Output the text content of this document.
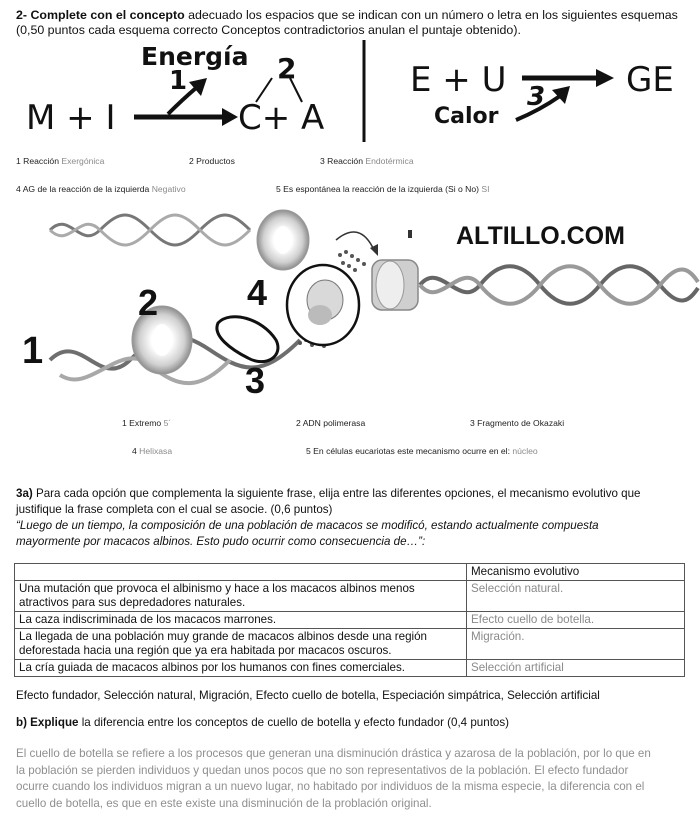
2- Complete con el concepto adecuado los espacios que se indican con un número o letra en los siguientes esquemas
(0,50 puntos cada esquema correcto Conceptos contradictorios anulan el puntaje obtenido).
Energía
1	2
M + I	C+ A
E + U	GE
Calor
3
1 Reacción Exergónica	2 Productos	3 Reacción Endotérmica
4 AG de la reacción de la izquierda Negativo	5 Es espontánea la reacción de la izquierda (Si o No) SI
ALTILLO.COM
1
2
3
4
1 Extremo 5´	2 ADN polimerasa	3 Fragmento de Okazaki
4 Helixasa	5 En células eucariotas este mecanismo ocurre en el: núcleo
3a) Para cada opción que complementa la siguiente frase, elija entre las diferentes opciones, el mecanismo evolutivo que
justifique la frase completa con el cual se asocie. (0,6 puntos)
“Luego de un tiempo, la composición de una población de macacos se modificó, estando actualmente compuesta
mayormente por macacos albinos. Esto pudo ocurrir como consecuencia de…”:
	Mecanismo evolutivo
Una mutación que provoca el albinismo y hace a los macacos albinos menos atractivos para sus depredadores naturales.	Selección natural.
La caza indiscriminada de los macacos marrones.	Efecto cuello de botella.
La llegada de una población muy grande de macacos albinos desde una región deforestada hacia una región que ya era habitada por macacos oscuros.	Migración.
La cría guiada de macacos albinos por los humanos con fines comerciales.	Selección artificial
Efecto fundador, Selección natural, Migración, Efecto cuello de botella, Especiación simpátrica, Selección artificial
b) Explique la diferencia entre los conceptos de cuello de botella y efecto fundador (0,4 puntos)
El cuello de botella se refiere a los procesos que generan una disminución drástica y azarosa de la población, por lo que en
la población se pierden individuos y quedan unos pocos que no son representativos de la población. El efecto fundador
ocurre cuando los individuos migran a un nuevo lugar, no habitado por individuos de la misma especie, la diferencia con el
cuello de botella, es que en este existe una disminución de la problación original.
